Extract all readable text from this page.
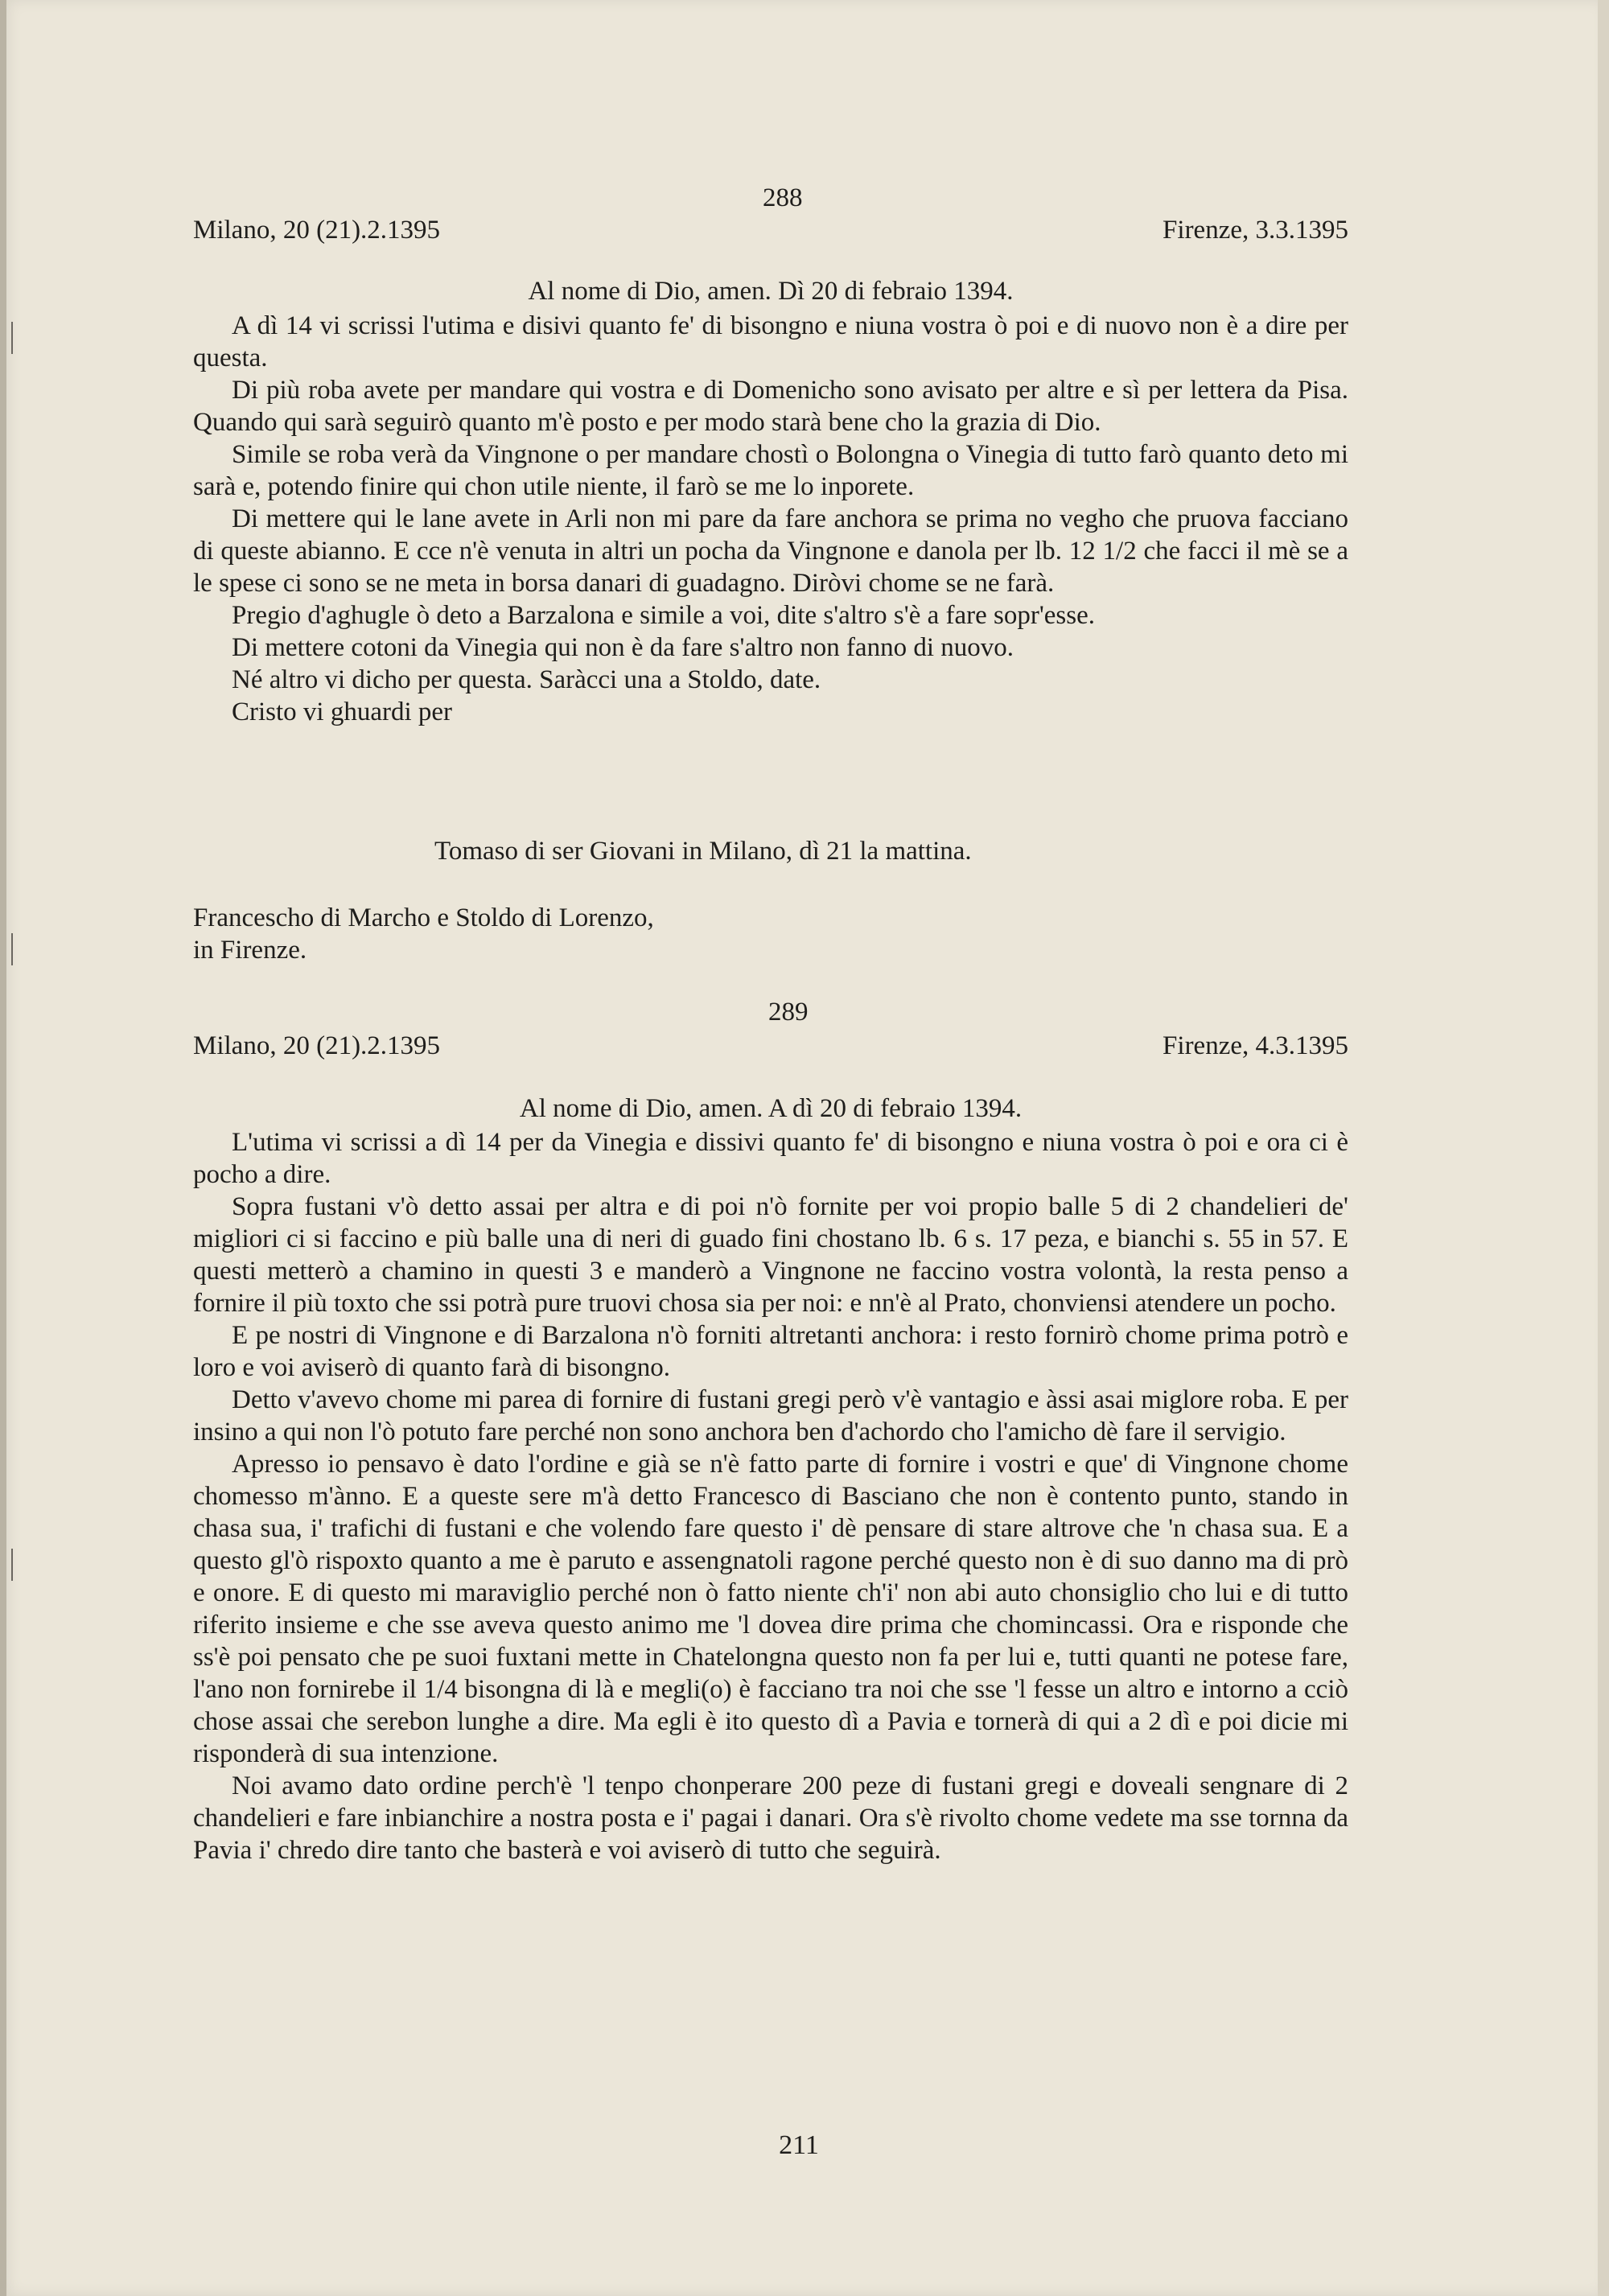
288
Milano, 20 (21).2.1395	Firenze, 3.3.1395
Al nome di Dio, amen. Dì 20 di febraio 1394.

A dì 14 vi scrissi l'utima e disivi quanto fe' di bisongno e niuna vostra ò poi e di nuovo non è a dire per questa.

Di più roba avete per mandare qui vostra e di Domenicho sono avisato per altre e sì per lettera da Pisa. Quando qui sarà seguirò quanto m'è posto e per modo starà bene cho la grazia di Dio.

Simile se roba verà da Vingnone o per mandare chostì o Bolongna o Vinegia di tutto farò quanto deto mi sarà e, potendo finire qui chon utile niente, il farò se me lo inporete.

Di mettere qui le lane avete in Arli non mi pare da fare anchora se prima no vegho che pruova facciano di queste abianno. E cce n'è venuta in altri un pocha da Vingnone e danola per lb. 12 1/2 che facci il mè se a le spese ci sono se ne meta in borsa danari di guadagno. Diròvi chome se ne farà.

Pregio d'aghugle ò deto a Barzalona e simile a voi, dite s'altro s'è a fare sopr'esse.

Di mettere cotoni da Vinegia qui non è da fare s'altro non fanno di nuovo.

Né altro vi dicho per questa. Saràcci una a Stoldo, date.

Cristo vi ghuardi per

Tomaso di ser Giovani in Milano, dì 21 la mattina.
Francescho di Marcho e Stoldo di Lorenzo,
in Firenze.
289
Milano, 20 (21).2.1395	Firenze, 4.3.1395
Al nome di Dio, amen. A dì 20 di febraio 1394.

L'utima vi scrissi a dì 14 per da Vinegia e dissivi quanto fe' di bisongno e niuna vostra ò poi e ora ci è pocho a dire.

Sopra fustani v'ò detto assai per altra e di poi n'ò fornite per voi propio balle 5 di 2 chandelieri de' migliori ci si faccino e più balle una di neri di guado fini chostano lb. 6 s. 17 peza, e bianchi s. 55 in 57. E questi metterò a chamino in questi 3 e manderò a Vingnone ne faccino vostra volontà, la resta penso a fornire il più toxto che ssi potrà pure truovi chosa sia per noi: e nn'è al Prato, chonviensi atendere un pocho.

E pe nostri di Vingnone e di Barzalona n'ò forniti altretanti anchora: i resto fornirò chome prima potrò e loro e voi aviserò di quanto farà di bisongno.

Detto v'avevo chome mi parea di fornire di fustani gregi però v'è vantagio e àssi asai miglore roba. E per insino a qui non l'ò potuto fare perché non sono anchora ben d'achordo cho l'amicho dè fare il servigio.

Apresso io pensavo è dato l'ordine e già se n'è fatto parte di fornire i vostri e que' di Vingnone chome chomesso m'ànno. E a queste sere m'à detto Francesco di Basciano che non è contento punto, stando in chasa sua, i' trafichi di fustani e che volendo fare questo i' dè pensare di stare altrove che 'n chasa sua. E a questo gl'ò rispoxto quanto a me è paruto e assengnatoli ragone perché questo non è di suo danno ma di prò e onore. E di questo mi maraviglio perché non ò fatto niente ch'i' non abi auto chonsiglio cho lui e di tutto riferito insieme e che sse aveva questo animo me 'l dovea dire prima che chomincassi. Ora e risponde che ss'è poi pensato che pe suoi fuxtani mette in Chatelongna questo non fa per lui e, tutti quanti ne potese fare, l'ano non fornirebe il 1/4 bisongna di là e megli(o) è facciano tra noi che sse 'l fesse un altro e intorno a cciò chose assai che serebon lunghe a dire. Ma egli è ito questo dì a Pavia e tornerà di qui a 2 dì e poi dicie mi risponderà di sua intenzione.

Noi avamo dato ordine perch'è 'l tenpo chonperare 200 peze di fustani gregi e doveali sengnare di 2 chandelieri e fare inbianchire a nostra posta e i' pagai i danari. Ora s'è rivolto chome vedete ma sse tornna da Pavia i' chredo dire tanto che basterà e voi aviserò di tutto che seguirà.

211
